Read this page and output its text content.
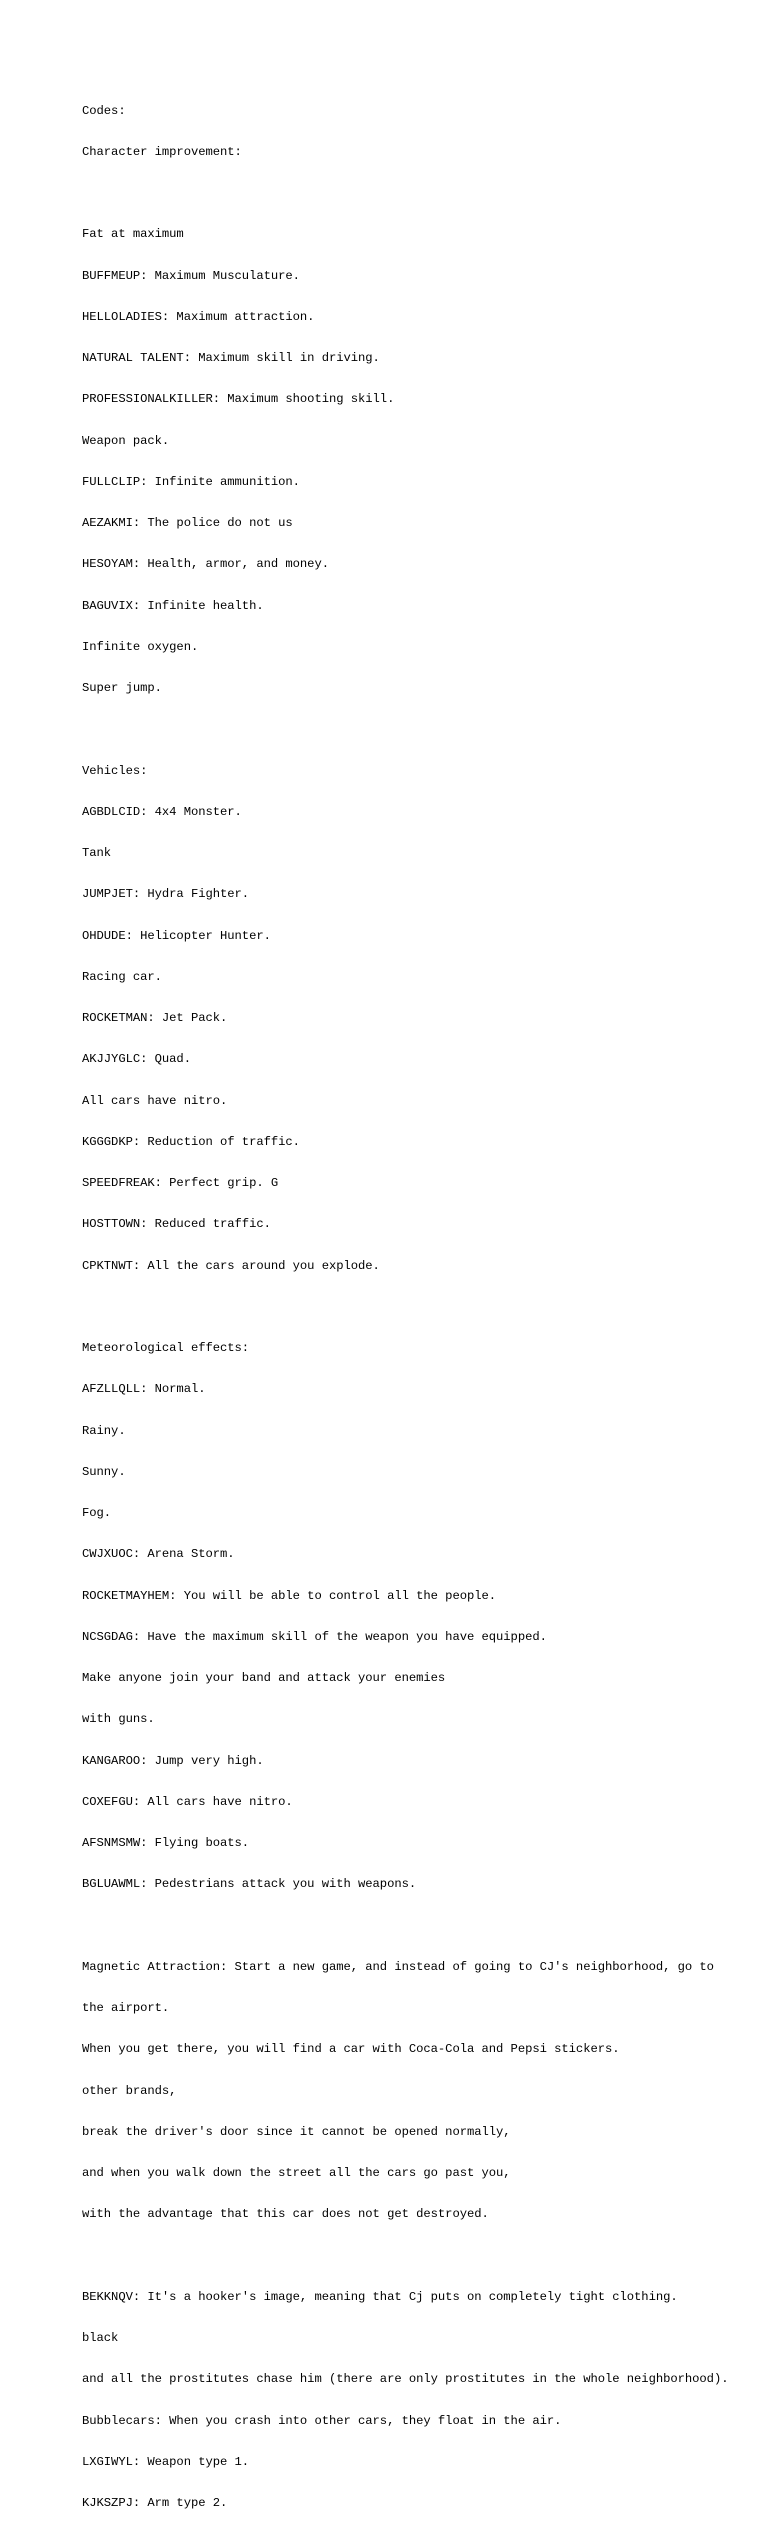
Codes:

Character improvement:

Fat at maximum

BUFFMEUP: Maximum Musculature.

HELLOLADIES: Maximum attraction.

NATURAL TALENT: Maximum skill in driving.

PROFESSIONALKILLER: Maximum shooting skill.

Weapon pack.

FULLCLIP: Infinite ammunition.

AEZAKMI: The police do not us

HESOYAM: Health, armor, and money.

BAGUVIX: Infinite health.

Infinite oxygen.

Super jump.

Vehicles:

AGBDLCID: 4x4 Monster.

Tank

JUMPJET: Hydra Fighter.

OHDUDE: Helicopter Hunter.

Racing car.

ROCKETMAN: Jet Pack.

AKJJYGLC: Quad.

All cars have nitro.

KGGGDKP: Reduction of traffic.

SPEEDFREAK: Perfect grip. G

HOSTTOWN: Reduced traffic.

CPKTNWT: All the cars around you explode.

Meteorological effects:

AFZLLQLL: Normal.

Rainy.

Sunny.

Fog.

CWJXUOC: Arena Storm.

ROCKETMAYHEM: You will be able to control all the people.

NCSGDAG: Have the maximum skill of the weapon you have equipped.

Make anyone join your band and attack your enemies

with guns.

KANGAROO: Jump very high.

COXEFGU: All cars have nitro.

AFSNMSMW: Flying boats.

BGLUAWML: Pedestrians attack you with weapons.

Magnetic Attraction: Start a new game, and instead of going to CJ's neighborhood, go to

the airport.

When you get there, you will find a car with Coca-Cola and Pepsi stickers.

other brands,

break the driver's door since it cannot be opened normally,

and when you walk down the street all the cars go past you,

with the advantage that this car does not get destroyed.

BEKKNQV: It's a hooker's image, meaning that Cj puts on completely tight clothing.

black

and all the prostitutes chase him (there are only prostitutes in the whole neighborhood).

Bubblecars: When you crash into other cars, they float in the air.

LXGIWYL: Weapon type 1.

KJKSZPJ: Arm type 2.
